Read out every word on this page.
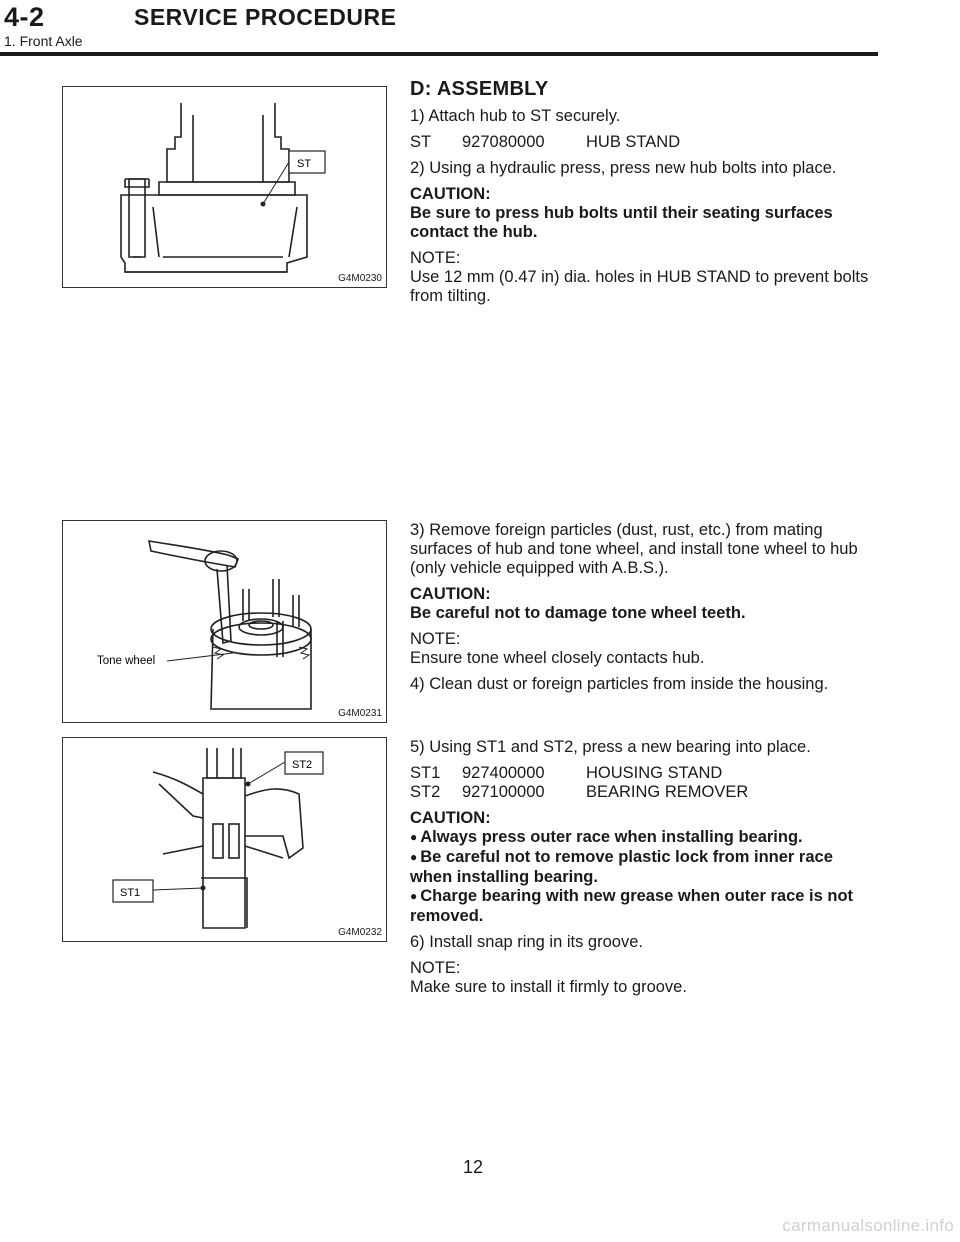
4-2	SERVICE PROCEDURE
1. Front Axle
ST
G4M0230
Tone wheel
G4M0231
ST2
ST1
G4M0232
D: ASSEMBLY

1) Attach hub to ST securely.

ST	927080000	HUB STAND

2) Using a hydraulic press, press new hub bolts into place.

CAUTION:

Be sure to press hub bolts until their seating surfaces contact the hub.

NOTE:

Use 12 mm (0.47 in) dia. holes in HUB STAND to prevent bolts from tilting.

3) Remove foreign particles (dust, rust, etc.) from mating surfaces of hub and tone wheel, and install tone wheel to hub (only vehicle equipped with A.B.S.).

CAUTION:

Be careful not to damage tone wheel teeth.

NOTE:

Ensure tone wheel closely contacts hub.

4) Clean dust or foreign particles from inside the housing.

5) Using ST1 and ST2, press a new bearing into place.

ST1	927400000	HOUSING STAND
ST2	927100000	BEARING REMOVER

CAUTION:

● Always press outer race when installing bearing.

● Be careful not to remove plastic lock from inner race when installing bearing.

● Charge bearing with new grease when outer race is not removed.

6) Install snap ring in its groove.

NOTE:

Make sure to install it firmly to groove.

12
carmanualsonline.info
